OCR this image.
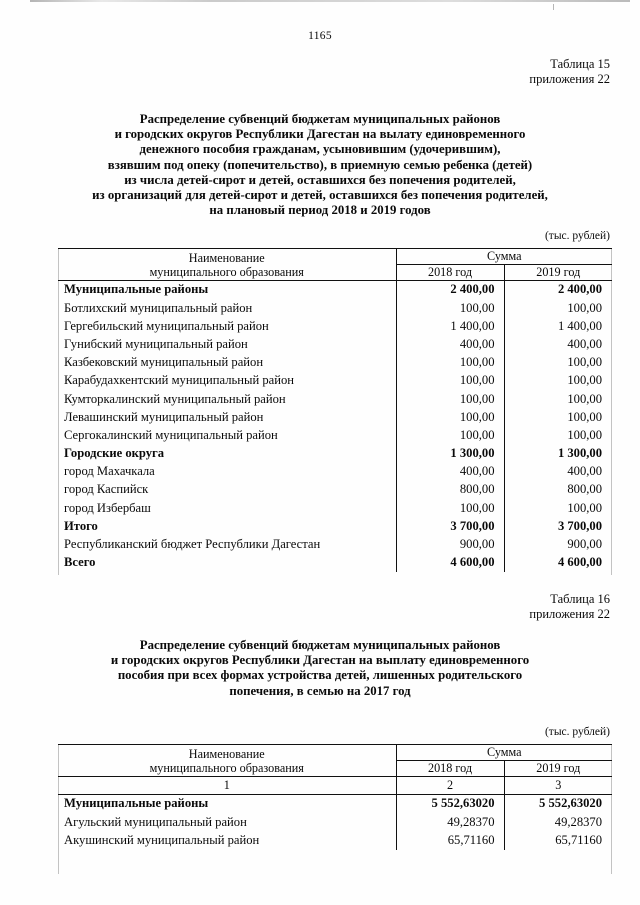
1165
Таблица 15
приложения 22
Распределение субвенций бюджетам муниципальных районов
и городских округов Республики Дагестан на вылату единовременного
денежного пособия гражданам, усыновившим (удочерившим),
взявшим под опеку (попечительство), в приемную семью ребенка (детей)
из числа детей-сирот и детей, оставшихся без попечения родителей,
из организаций для детей-сирот и детей, оставшихся без попечения родителей,
на плановый период 2018 и 2019 годов
(тыс. рублей)
Наименование
муниципального образования	Сумма	
	2018 год	2019 год

Муниципальные районы	2 400,00	2 400,00
Ботлихский муниципальный район	100,00	100,00
Гергебильский муниципальный район	1 400,00	1 400,00
Гунибский муниципальный район	400,00	400,00
Казбековский муниципальный район	100,00	100,00
Карабудахкентский муниципальный район	100,00	100,00
Кумторкалинский муниципальный район	100,00	100,00
Левашинский муниципальный район	100,00	100,00
Сергокалинский муниципальный район	100,00	100,00
Городские округа	1 300,00	1 300,00
город Махачкала	400,00	400,00
город Каспийск	800,00	800,00
город Избербаш	100,00	100,00
Итого	3 700,00	3 700,00
Республиканский бюджет Республики Дагестан	900,00	900,00
Всего	4 600,00	4 600,00
Таблица 16
приложения 22
Распределение субвенций бюджетам муниципальных районов
и городских округов Республики Дагестан на выплату единовременного
пособия при всех формах устройства детей, лишенных родительского
попечения, в семью на 2017 год
(тыс. рублей)
Наименование
муниципального образования	Сумма	
	2018 год	2019 год
1	2	3
Муниципальные районы	5 552,63020	5 552,63020
Агульский муниципальный район	49,28370	49,28370
Акушинский муниципальный район	65,71160	65,71160
